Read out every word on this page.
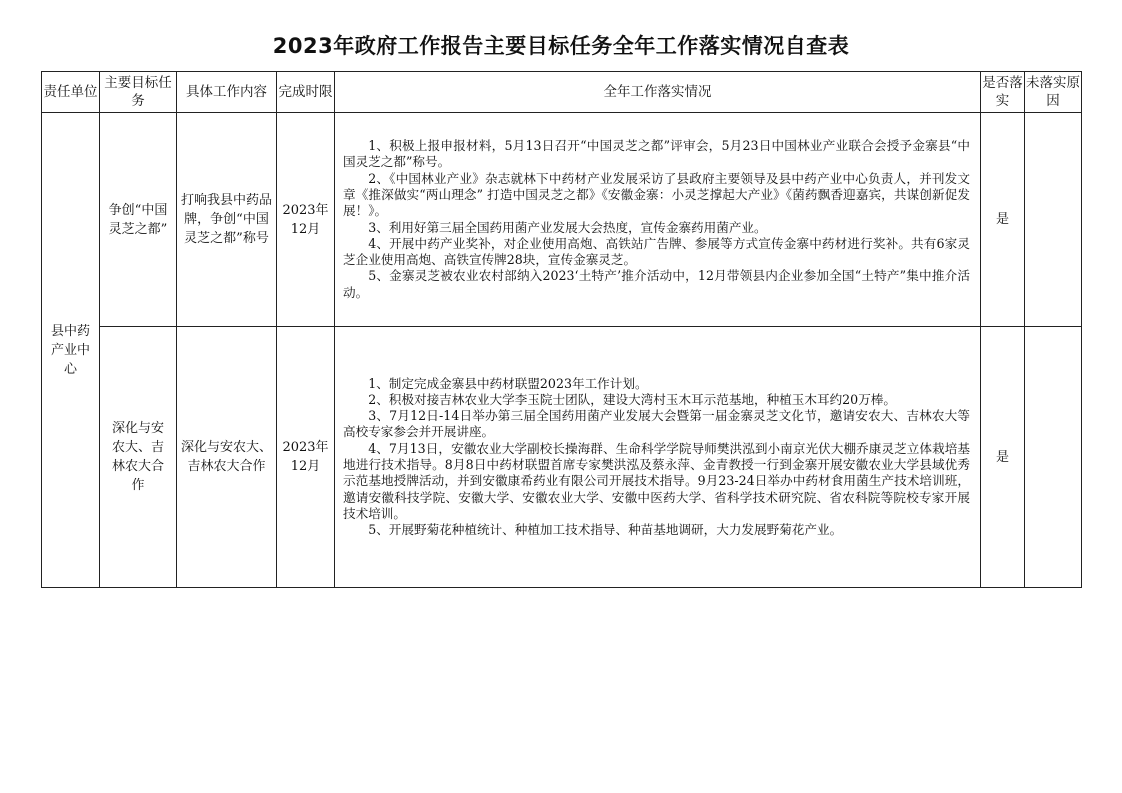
2023年政府工作报告主要目标任务全年工作落实情况自查表
责任单位	主要目标任务	具体工作内容	完成时限	全年工作落实情况	是否落实	未落实原因
县中药产业中心	争创“中国灵芝之都”	打响我县中药品牌，争创“中国灵芝之都”称号	2023年12月	1、积极上报申报材料，5月13日召开“中国灵芝之都”评审会，5月23日中国林业产业联合会授予金寨县“中国灵芝之都”称号。

2、《中国林业产业》杂志就林下中药材产业发展采访了县政府主要领导及县中药产业中心负责人，并刊发文章《推深做实“两山理念” 打造中国灵芝之都》《安徽金寨：小灵芝撑起大产业》《菌药飘香迎嘉宾，共谋创新促发展！》。

3、利用好第三届全国药用菌产业发展大会热度，宣传金寨药用菌产业。

4、开展中药产业奖补，对企业使用高炮、高铁站广告牌、参展等方式宣传金寨中药材进行奖补。共有6家灵芝企业使用高炮、高铁宣传牌28块，宣传金寨灵芝。

5、金寨灵芝被农业农村部纳入2023‘土特产’推介活动中，12月带领县内企业参加全国“土特产”集中推介活动。	是	
	深化与安农大、吉林农大合作	深化与安农大、吉林农大合作	2023年12月	1、制定完成金寨县中药材联盟2023年工作计划。

2、积极对接吉林农业大学李玉院士团队，建设大湾村玉木耳示范基地，种植玉木耳约20万棒。

3、7月12日-14日举办第三届全国药用菌产业发展大会暨第一届金寨灵芝文化节，邀请安农大、吉林农大等高校专家参会并开展讲座。

4、7月13日，安徽农业大学副校长操海群、生命科学学院导师樊洪泓到小南京光伏大棚乔康灵芝立体栽培基地进行技术指导。8月8日中药材联盟首席专家樊洪泓及蔡永萍、金青教授一行到金寨开展安徽农业大学县域优秀示范基地授牌活动，并到安徽康希药业有限公司开展技术指导。9月23-24日举办中药材食用菌生产技术培训班，邀请安徽科技学院、安徽大学、安徽农业大学、安徽中医药大学、省科学技术研究院、省农科院等院校专家开展技术培训。

5、开展野菊花种植统计、种植加工技术指导、种苗基地调研，大力发展野菊花产业。	是	
